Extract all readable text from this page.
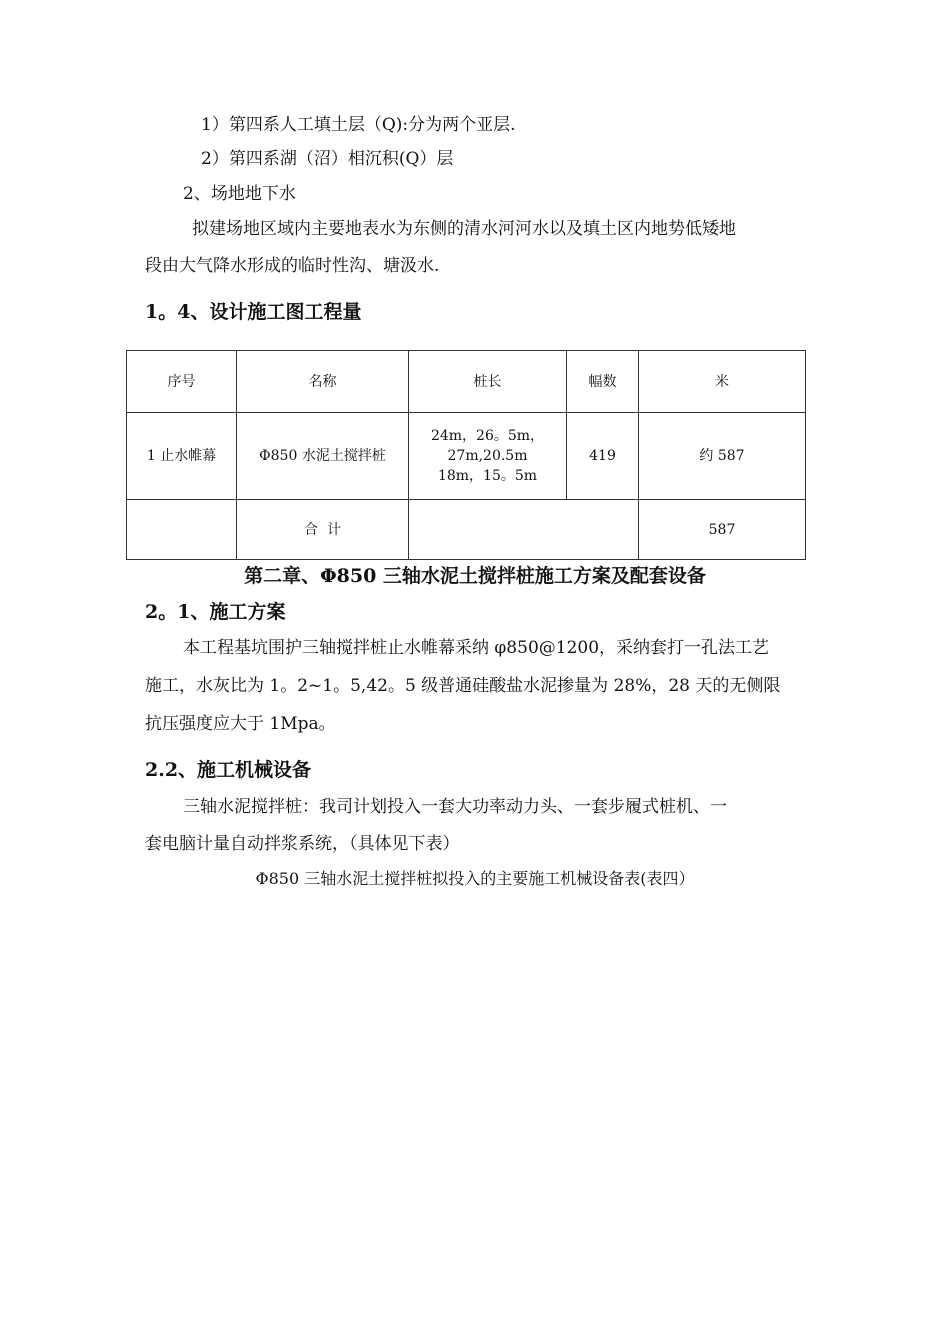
1）第四系人工填土层（Q):分为两个亚层.
2）第四系湖（沼）相沉积(Q）层
2、场地地下水
拟建场地区域内主要地表水为东侧的清水河河水以及填土区内地势低矮地
段由大气降水形成的临时性沟、塘汲水.
1。4、设计施工图工程量
序号	名称	桩长	幅数	米
1 止水帷幕	Φ850 水泥土搅拌桩	24m，26。5m，
27m,20.5m
18m，15。5m	419	约 587
	合  计			587
第二章、Φ850 三轴水泥土搅拌桩施工方案及配套设备
2。1、施工方案
本工程基坑围护三轴搅拌桩止水帷幕采纳 φ850@1200，采纳套打一孔法工艺
施工，水灰比为 1。2~1。5,42。5 级普通硅酸盐水泥掺量为 28%，28 天的无侧限
抗压强度应大于 1Mpa。
2.2、施工机械设备
三轴水泥搅拌桩：我司计划投入一套大功率动力头、一套步履式桩机、一
套电脑计量自动拌浆系统，（具体见下表）
Φ850 三轴水泥土搅拌桩拟投入的主要施工机械设备表(表四）
